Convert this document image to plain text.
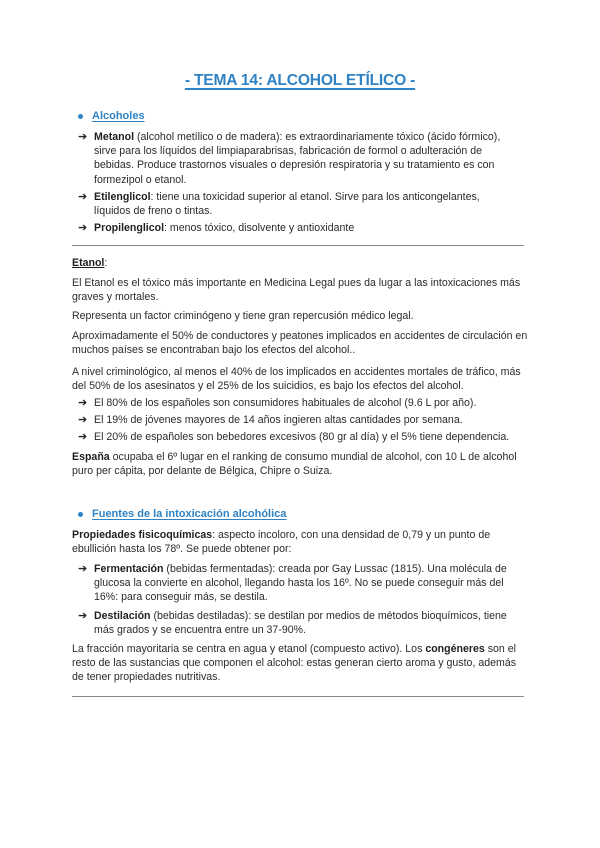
- TEMA 14: ALCOHOL ETÍLICO -
Alcoholes
➔ Metanol (alcohol metílico o de madera): es extraordinariamente tóxico (ácido fórmico), sirve para los líquidos del limpiaparabrisas, fabricación de formol o adulteración de bebidas. Produce trastornos visuales o depresión respiratoria y su tratamiento es con formezipol o etanol.
➔ Etilenglicol: tiene una toxicidad superior al etanol. Sirve para los anticongelantes, líquidos de freno o tintas.
➔ Propilenglicol: menos tóxico, disolvente y antioxidante
Etanol:
El Etanol es el tóxico más importante en Medicina Legal pues da lugar a las intoxicaciones más graves y mortales.
Representa un factor criminógeno y tiene gran repercusión médico legal.
Aproximadamente el 50% de conductores y peatones implicados en accidentes de circulación en muchos países se encontraban bajo los efectos del alcohol..
A nivel criminológico, al menos el 40% de los implicados en accidentes mortales de tráfico, más del 50% de los asesinatos y el 25% de los suicidios, es bajo los efectos del alcohol.
➔ El 80% de los españoles son consumidores habituales de alcohol (9.6 L por año).
➔ El 19% de jóvenes mayores de 14 años ingieren altas cantidades por semana.
➔ El 20% de españoles son bebedores excesivos (80 gr al día) y el 5% tiene dependencia.
España ocupaba el 6º lugar en el ranking de consumo mundial de alcohol, con 10 L de alcohol puro per cápita, por delante de Bélgica, Chipre o Suiza.
Fuentes de la intoxicación alcohólica
Propiedades fisicoquímicas: aspecto incoloro, con una densidad de 0,79 y un punto de ebullición hasta los 78º. Se puede obtener por:
➔ Fermentación (bebidas fermentadas): creada por Gay Lussac (1815). Una molécula de glucosa la convierte en alcohol, llegando hasta los 16º. No se puede conseguir más del 16%: para conseguir más, se destila.
➔ Destilación (bebidas destiladas): se destilan por medios de métodos bioquímicos, tiene más grados y se encuentra entre un 37-90%.
La fracción mayoritaria se centra en agua y etanol (compuesto activo). Los congéneres son el resto de las sustancias que componen el alcohol: estas generan cierto aroma y gusto, además de tener propiedades nutritivas.
